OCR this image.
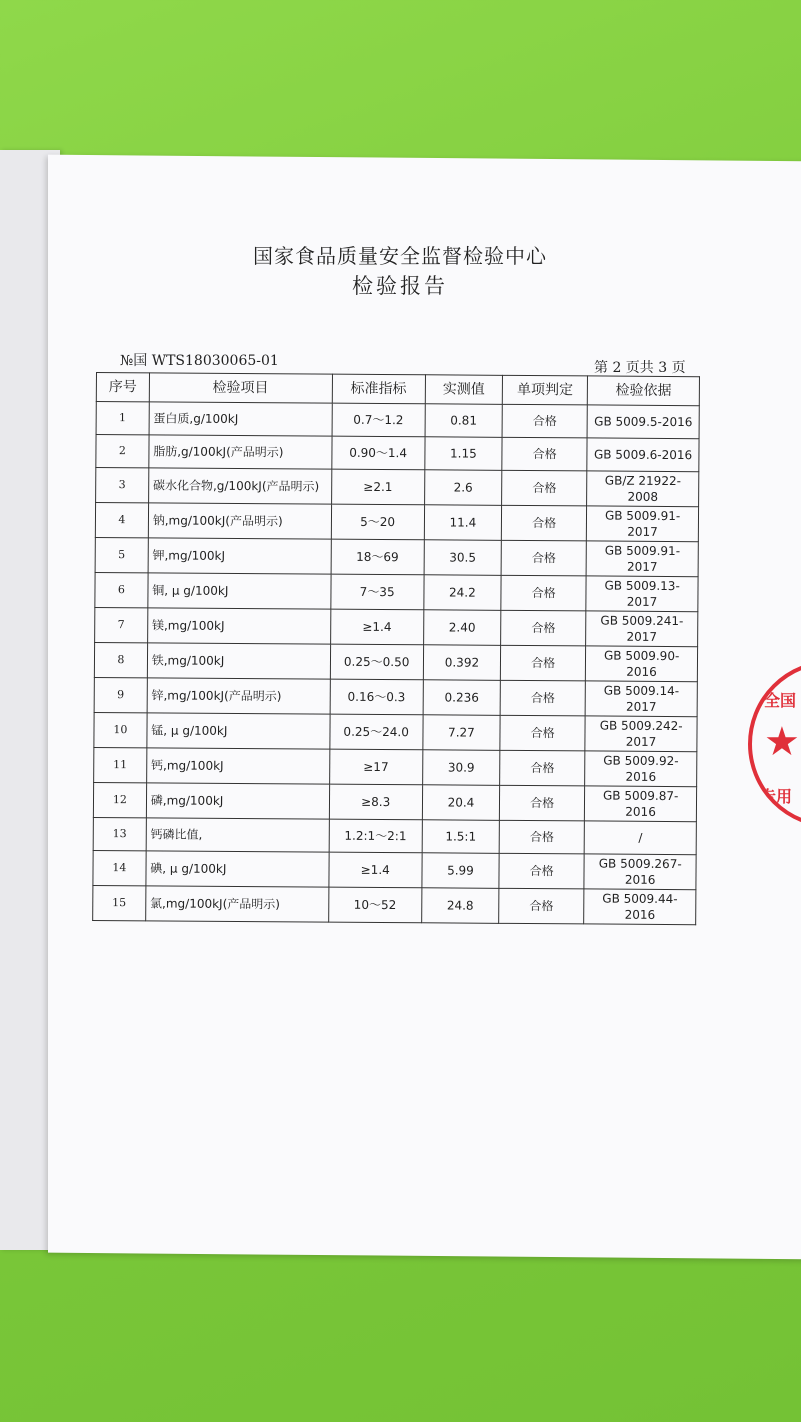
国家食品质量安全监督检验中心
检验报告
№国 WTS18030065-01	第 2 页共 3 页
序号	检验项目	标准指标	实测值	单项判定	检验依据
1	蛋白质,g/100kJ	0.7～1.2	0.81	合格	GB 5009.5-2016
2	脂肪,g/100kJ(产品明示)	0.90～1.4	1.15	合格	GB 5009.6-2016
3	碳水化合物,g/100kJ(产品明示)	≥2.1	2.6	合格	GB/Z 21922-2008
4	钠,mg/100kJ(产品明示)	5～20	11.4	合格	GB 5009.91-2017
5	钾,mg/100kJ	18～69	30.5	合格	GB 5009.91-2017
6	铜, μ g/100kJ	7～35	24.2	合格	GB 5009.13-2017
7	镁,mg/100kJ	≥1.4	2.40	合格	GB 5009.241-2017
8	铁,mg/100kJ	0.25～0.50	0.392	合格	GB 5009.90-2016
9	锌,mg/100kJ(产品明示)	0.16～0.3	0.236	合格	GB 5009.14-2017
10	锰, μ g/100kJ	0.25～24.0	7.27	合格	GB 5009.242-2017
11	钙,mg/100kJ	≥17	30.9	合格	GB 5009.92-2016
12	磷,mg/100kJ	≥8.3	20.4	合格	GB 5009.87-2016
13	钙磷比值,	1.2:1～2:1	1.5:1	合格	/
14	碘, μ g/100kJ	≥1.4	5.99	合格	GB 5009.267-2016
15	氯,mg/100kJ(产品明示)	10～52	24.8	合格	GB 5009.44-2016
全国
★
专用
